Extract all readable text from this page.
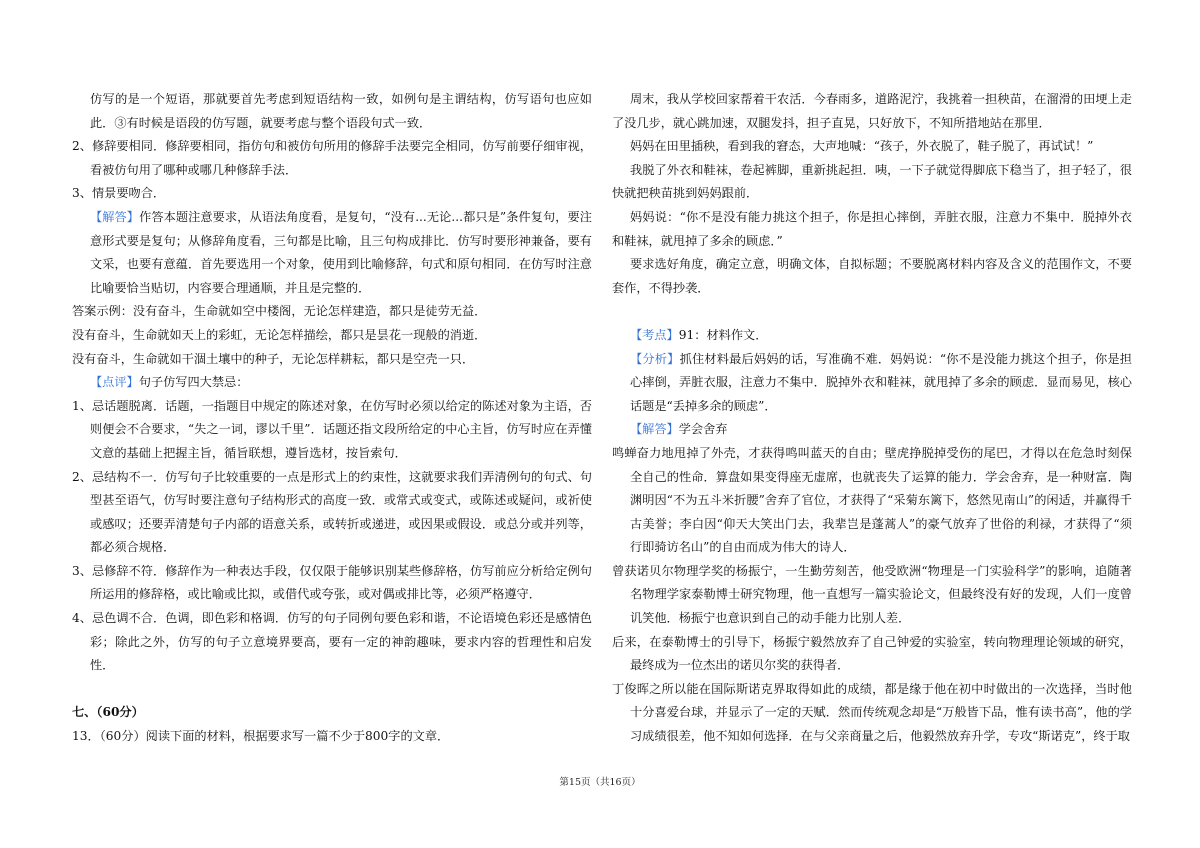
仿写的是一个短语，那就要首先考虑到短语结构一致，如例句是主谓结构，仿写语句也应如此．③有时候是语段的仿写题，就要考虑与整个语段句式一致．

2、修辞要相同．修辞要相同，指仿句和被仿句所用的修辞手法要完全相同，仿写前要仔细审视，看被仿句用了哪种或哪几种修辞手法．

3、情景要吻合．

【解答】作答本题注意要求，从语法角度看，是复句，“没有...无论...都只是”条件复句，要注意形式要是复句；从修辞角度看，三句都是比喻，且三句构成排比．仿写时要形神兼备，要有文采，也要有意蕴．首先要选用一个对象，使用到比喻修辞，句式和原句相同．在仿写时注意比喻要恰当贴切，内容要合理通顺，并且是完整的．

答案示例：没有奋斗，生命就如空中楼阁，无论怎样建造，都只是徒劳无益．

没有奋斗，生命就如天上的彩虹，无论怎样描绘，都只是昙花一现般的消逝．

没有奋斗，生命就如干涸土壤中的种子，无论怎样耕耘，都只是空壳一只．

【点评】句子仿写四大禁忌：

1、忌话题脱离．话题，一指题目中规定的陈述对象，在仿写时必须以给定的陈述对象为主语，否则便会不合要求，“失之一词，谬以千里”．话题还指文段所给定的中心主旨，仿写时应在弄懂文意的基础上把握主旨，循旨联想，遵旨选材，按旨索句．

2、忌结构不一．仿写句子比较重要的一点是形式上的约束性，这就要求我们弄清例句的句式、句型甚至语气，仿写时要注意句子结构形式的高度一致．或常式或变式，或陈述或疑问，或祈使或感叹；还要弄清楚句子内部的语意关系，或转折或递进，或因果或假设．或总分或并列等，都必须合规格．

3、忌修辞不符．修辞作为一种表达手段，仅仅限于能够识别某些修辞格，仿写前应分析给定例句所运用的修辞格，或比喻或比拟，或借代或夸张，或对偶或排比等，必须严格遵守．

4、忌色调不合．色调，即色彩和格调．仿写的句子同例句要色彩和谐，不论语境色彩还是感情色彩；除此之外，仿写的句子立意境界要高，要有一定的神韵趣味，要求内容的哲理性和启发性．

七、（60分）

13．（60分）阅读下面的材料，根据要求写一篇不少于800字的文章．

周末，我从学校回家帮着干农活．今春雨多，道路泥泞，我挑着一担秧苗，在溜滑的田埂上走了没几步，就心跳加速，双腿发抖，担子直晃，只好放下，不知所措地站在那里．

妈妈在田里插秧，看到我的窘态，大声地喊：“孩子，外衣脱了，鞋子脱了，再试试！”

我脱了外衣和鞋袜，卷起裤脚，重新挑起担．咦，一下子就觉得脚底下稳当了，担子轻了，很快就把秧苗挑到妈妈跟前．

妈妈说：“你不是没有能力挑这个担子，你是担心摔倒，弄脏衣服，注意力不集中．脱掉外衣和鞋袜，就甩掉了多余的顾虑．”

要求选好角度，确定立意，明确文体，自拟标题；不要脱离材料内容及含义的范围作文，不要套作，不得抄袭．

【考点】91：材料作文．

【分析】抓住材料最后妈妈的话，写准确不难．妈妈说：“你不是没能力挑这个担子，你是担心摔倒，弄脏衣服，注意力不集中．脱掉外衣和鞋袜，就甩掉了多余的顾虑．显而易见，核心话题是“丢掉多余的顾虑”．

【解答】学会舍弃

鸣蝉奋力地甩掉了外壳，才获得鸣叫蓝天的自由；壁虎挣脱掉受伤的尾巴，才得以在危急时刻保全自己的性命．算盘如果变得座无虚席，也就丧失了运算的能力．学会舍弃，是一种财富．陶渊明因“不为五斗米折腰”舍弃了官位，才获得了“采菊东篱下，悠然见南山”的闲适，并赢得千古美誉；李白因“仰天大笑出门去，我辈岂是蓬蒿人”的豪气放弃了世俗的利禄，才获得了“须行即骑访名山”的自由而成为伟大的诗人．

曾获诺贝尔物理学奖的杨振宁，一生勤劳刻苦，他受欧洲“物理是一门实验科学”的影响，追随著名物理学家泰勒博士研究物理，他一直想写一篇实验论文，但最终没有好的发现，人们一度曾讥笑他．杨振宁也意识到自己的动手能力比别人差．

后来，在泰勒博士的引导下，杨振宁毅然放弃了自己钟爱的实验室，转向物理理论领域的研究，最终成为一位杰出的诺贝尔奖的获得者．

丁俊晖之所以能在国际斯诺克界取得如此的成绩，都是缘于他在初中时做出的一次选择，当时他十分喜爱台球，并显示了一定的天赋．然而传统观念却是“万般皆下品，惟有读书高”，他的学习成绩很差，他不知如何选择．在与父亲商量之后，他毅然放弃升学，专攻“斯诺克”，终于取

第15页（共16页）
